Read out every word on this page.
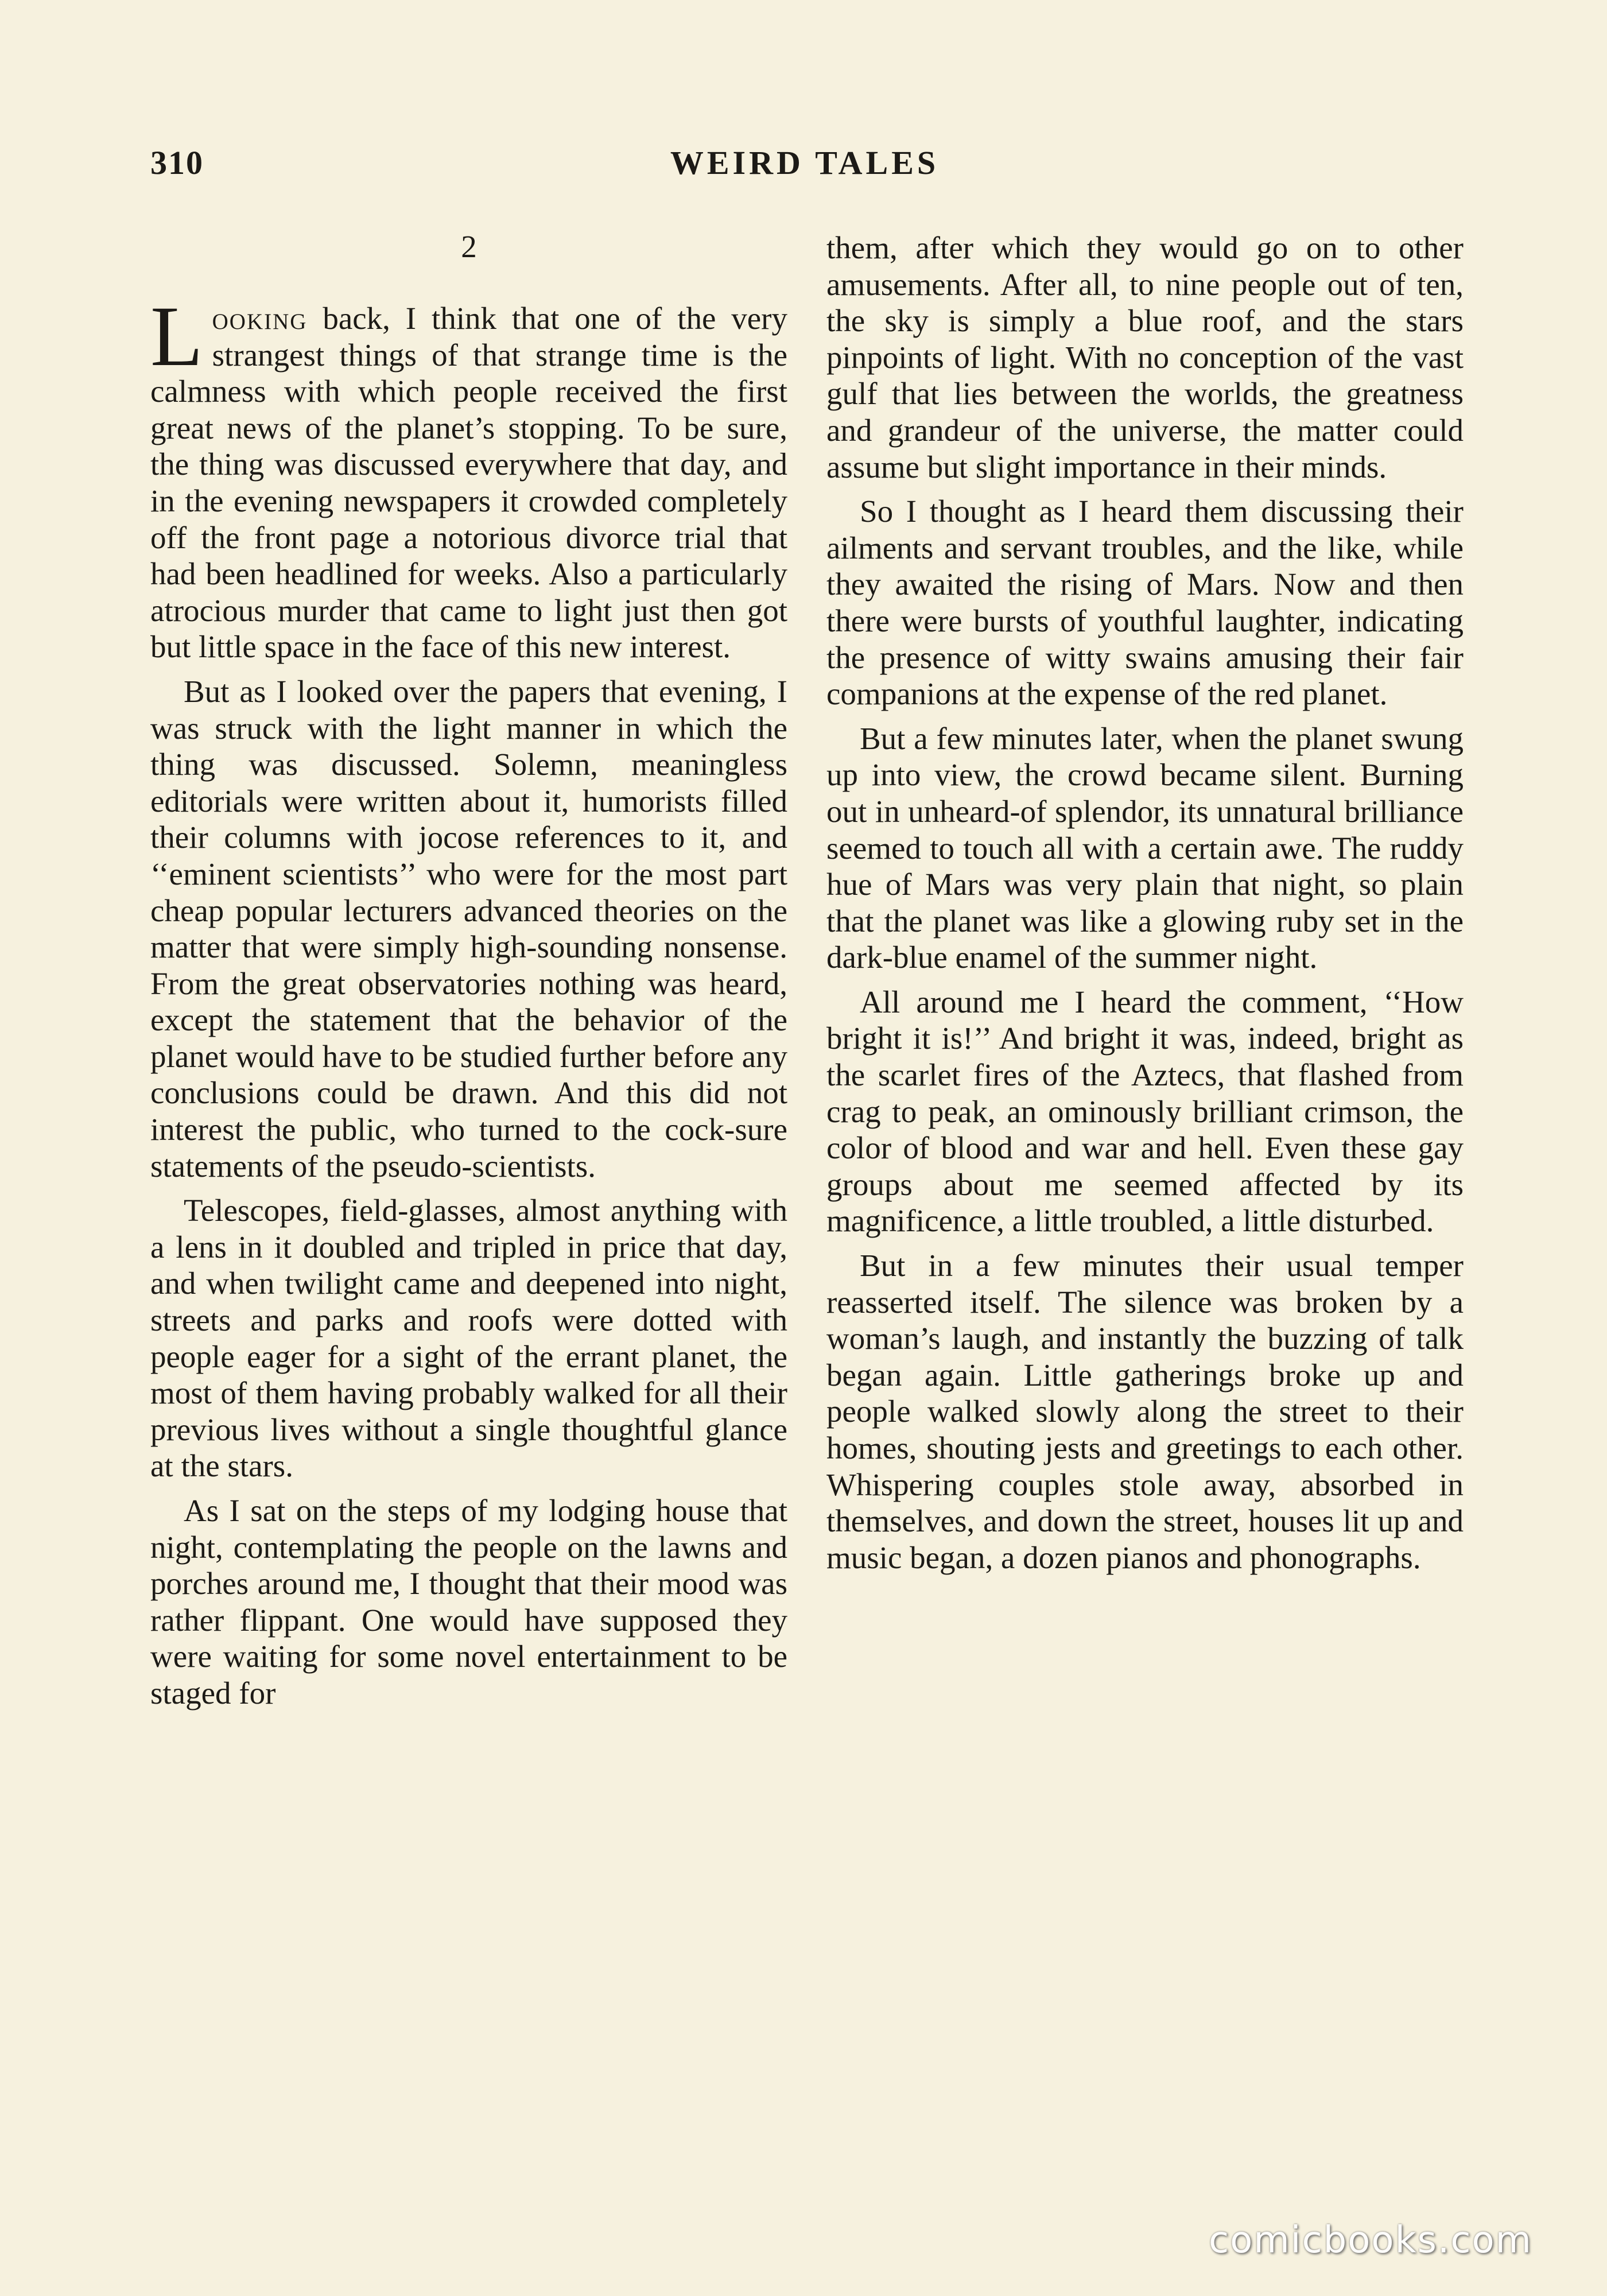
310	WEIRD TALES
2

Looking back, I think that one of the very strangest things of that strange time is the calmness with which people received the first great news of the planet’s stopping. To be sure, the thing was discussed everywhere that day, and in the evening newspapers it crowded completely off the front page a notorious divorce trial that had been headlined for weeks. Also a particularly atrocious murder that came to light just then got but little space in the face of this new interest.

But as I looked over the papers that evening, I was struck with the light manner in which the thing was discussed. Solemn, meaningless editorials were written about it, humorists filled their columns with jocose references to it, and ‘‘eminent scientists’’ who were for the most part cheap popular lecturers advanced theories on the matter that were simply high-sounding nonsense. From the great observatories nothing was heard, except the statement that the behavior of the planet would have to be studied further before any conclusions could be drawn. And this did not interest the public, who turned to the cock-sure statements of the pseudo-scientists.

Telescopes, field-glasses, almost anything with a lens in it doubled and tripled in price that day, and when twilight came and deepened into night, streets and parks and roofs were dotted with people eager for a sight of the errant planet, the most of them having probably walked for all their previous lives without a single thoughtful glance at the stars.

As I sat on the steps of my lodging house that night, contemplating the people on the lawns and porches around me, I thought that their mood was rather flippant. One would have supposed they were waiting for some novel entertainment to be staged for

them, after which they would go on to other amusements. After all, to nine people out of ten, the sky is simply a blue roof, and the stars pinpoints of light. With no conception of the vast gulf that lies between the worlds, the greatness and grandeur of the universe, the matter could assume but slight importance in their minds.

So I thought as I heard them discussing their ailments and servant troubles, and the like, while they awaited the rising of Mars. Now and then there were bursts of youthful laughter, indicating the presence of witty swains amusing their fair companions at the expense of the red planet.

But a few minutes later, when the planet swung up into view, the crowd became silent. Burning out in unheard-of splendor, its unnatural brilliance seemed to touch all with a certain awe. The ruddy hue of Mars was very plain that night, so plain that the planet was like a glowing ruby set in the dark-blue enamel of the summer night.

All around me I heard the comment, ‘‘How bright it is!’’ And bright it was, indeed, bright as the scarlet fires of the Aztecs, that flashed from crag to peak, an ominously brilliant crimson, the color of blood and war and hell. Even these gay groups about me seemed affected by its magnificence, a little troubled, a little disturbed.

But in a few minutes their usual temper reasserted itself. The silence was broken by a woman’s laugh, and instantly the buzzing of talk began again. Little gatherings broke up and people walked slowly along the street to their homes, shouting jests and greetings to each other. Whispering couples stole away, absorbed in themselves, and down the street, houses lit up and music began, a dozen pianos and phonographs.

comicbooks.com
